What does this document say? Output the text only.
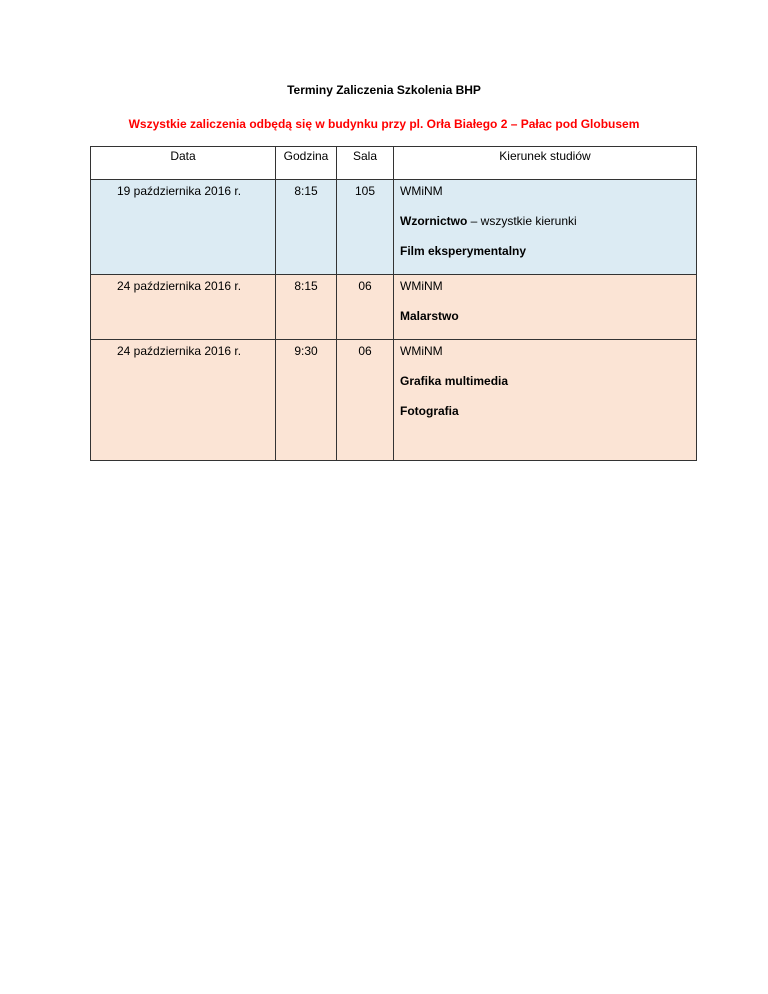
Terminy Zaliczenia Szkolenia BHP
Wszystkie zaliczenia odbędą się w budynku przy pl. Orła Białego 2 – Pałac pod Globusem
Data	Godzina	Sala	Kierunek studiów
19 października 2016 r.	8:15	105	WMiNM
Wzornictwo – wszystkie kierunki
Film eksperymentalny

24 października 2016 r.	8:15	06	WMiNM
Malarstwo

24 października 2016 r.	9:30	06	WMiNM
Grafika multimedia
Fotografia
